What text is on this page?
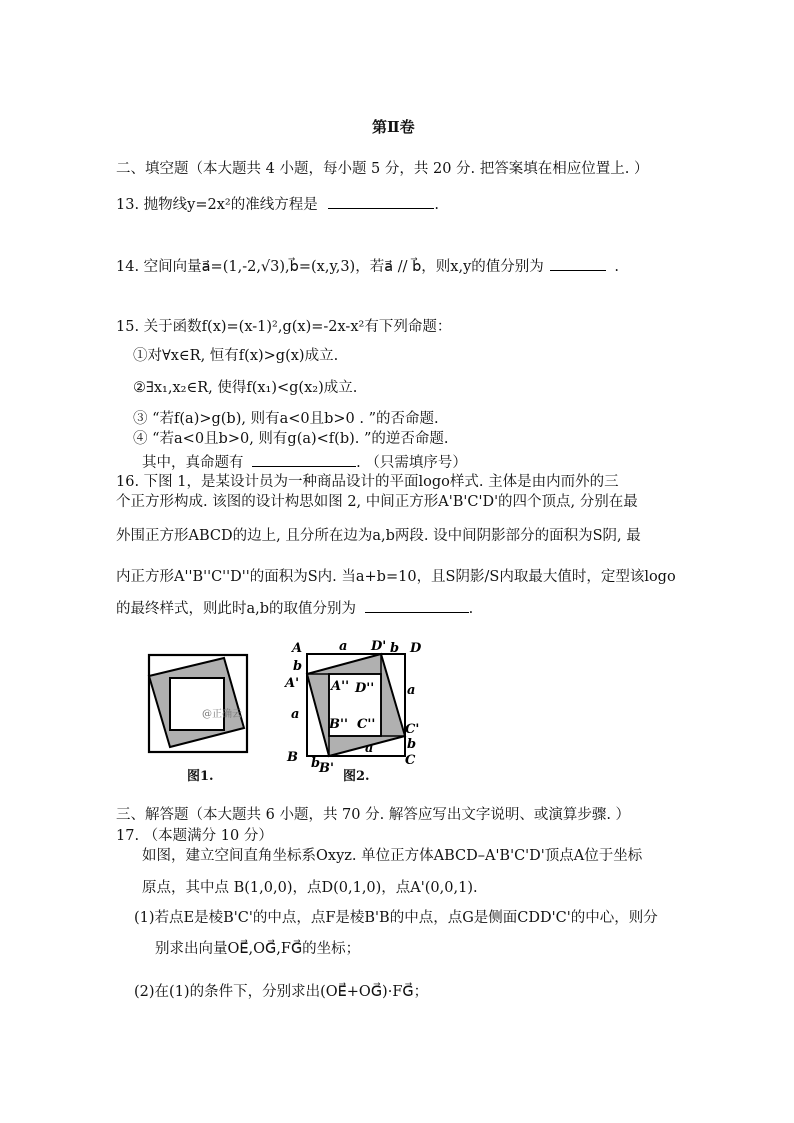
第Ⅱ卷
二、填空题（本大题共 4 小题，每小题 5 分，共 20 分. 把答案填在相应位置上. ）
13. 抛物线y=2x²的准线方程是	.
14. 空间向量a⃗=(1,-2,√3),b⃗=(x,y,3)，若a⃗ // b⃗，则x,y的值分别为	.
15. 关于函数f(x)=(x-1)²,g(x)=-2x-x²有下列命题：
①对∀x∈R, 恒有f(x)>g(x)成立.
②∃x₁,x₂∈R, 使得f(x₁)<g(x₂)成立.
③ “若f(a)>g(b), 则有a<0且b>0 . ”的否命题.
④ “若a<0且b>0, 则有g(a)<f(b). ”的逆否命题.
其中，真命题有	. （只需填序号）
16. 下图 1，是某设计员为一种商品设计的平面logo样式. 主体是由内而外的三
个正方形构成. 该图的设计构思如图 2, 中间正方形A'B'C'D'的四个顶点, 分别在最
外围正方形ABCD的边上, 且分所在边为a,b两段. 设中间阴影部分的面积为S阴, 最
内正方形A''B''C''D''的面积为S内. 当a+b=10，且S阴影/S内取最大值时，定型该logo
的最终样式，则此时a,b的取值分别为	.
@正确云
图1.
A
b
A'
a
B b
B'
a D' b D
a
C'
b
C
a
A'' D''
B'' C''
图2.
三、解答题（本大题共 6 小题，共 70 分. 解答应写出文字说明、或演算步骤. ）
17. （本题满分 10 分）
如图，建立空间直角坐标系Oxyz. 单位正方体ABCD–A'B'C'D'顶点A位于坐标
原点，其中点 B(1,0,0)，点D(0,1,0)，点A'(0,0,1).
(1)若点E是棱B'C'的中点，点F是棱B'B的中点，点G是侧面CDD'C'的中心，则分
别求出向量OE⃗,OG⃗,FG⃗的坐标；
(2)在(1)的条件下，分别求出(OE⃗+OG⃗)·FG⃗；
